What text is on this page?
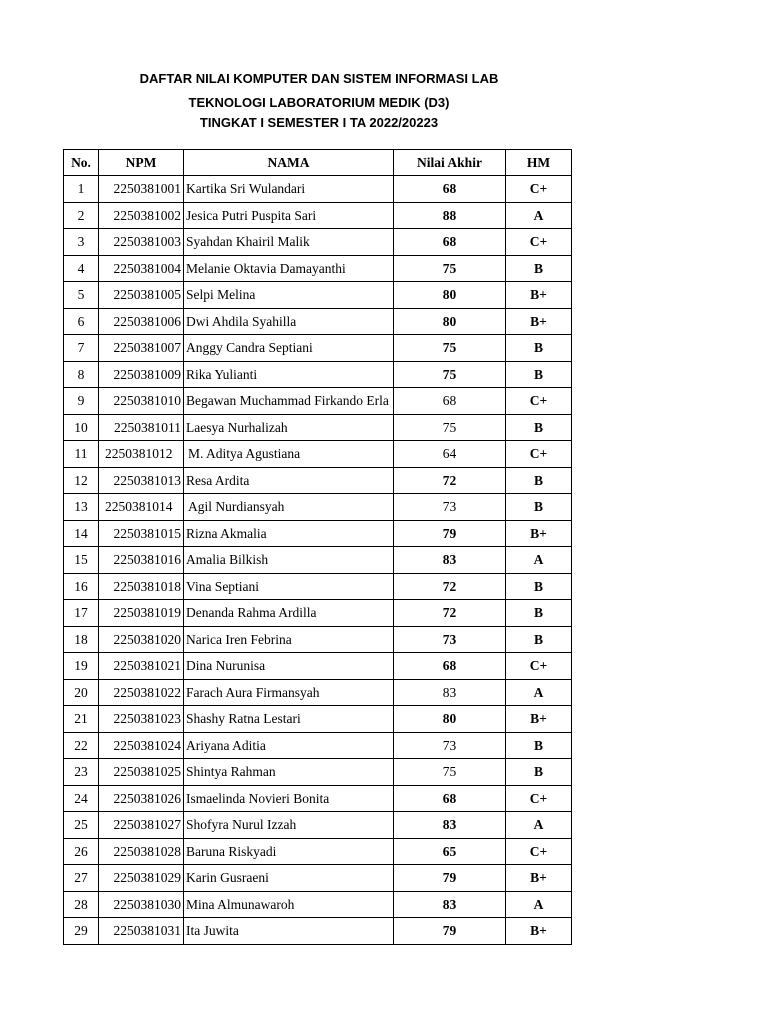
DAFTAR NILAI KOMPUTER DAN SISTEM INFORMASI LAB
TEKNOLOGI LABORATORIUM MEDIK (D3)
TINGKAT I SEMESTER I TA 2022/20223
No.	NPM	NAMA	Nilai Akhir	HM
1	2250381001	Kartika Sri Wulandari	68	C+
2	2250381002	Jesica Putri Puspita Sari	88	A
3	2250381003	Syahdan Khairil Malik	68	C+
4	2250381004	Melanie Oktavia Damayanthi	75	B
5	2250381005	Selpi Melina	80	B+
6	2250381006	Dwi Ahdila Syahilla	80	B+
7	2250381007	Anggy Candra Septiani	75	B
8	2250381009	Rika Yulianti	75	B
9	2250381010	Begawan Muchammad Firkando Erla	68	C+
10	2250381011	Laesya Nurhalizah	75	B
11	2250381012	M. Aditya Agustiana	64	C+
12	2250381013	Resa Ardita	72	B
13	2250381014	Agil Nurdiansyah	73	B
14	2250381015	Rizna Akmalia	79	B+
15	2250381016	Amalia Bilkish	83	A
16	2250381018	Vina Septiani	72	B
17	2250381019	Denanda Rahma Ardilla	72	B
18	2250381020	Narica Iren Febrina	73	B
19	2250381021	Dina Nurunisa	68	C+
20	2250381022	Farach Aura Firmansyah	83	A
21	2250381023	Shashy Ratna Lestari	80	B+
22	2250381024	Ariyana Aditia	73	B
23	2250381025	Shintya Rahman	75	B
24	2250381026	Ismaelinda Novieri Bonita	68	C+
25	2250381027	Shofyra Nurul Izzah	83	A
26	2250381028	Baruna Riskyadi	65	C+
27	2250381029	Karin Gusraeni	79	B+
28	2250381030	Mina Almunawaroh	83	A
29	2250381031	Ita Juwita	79	B+
